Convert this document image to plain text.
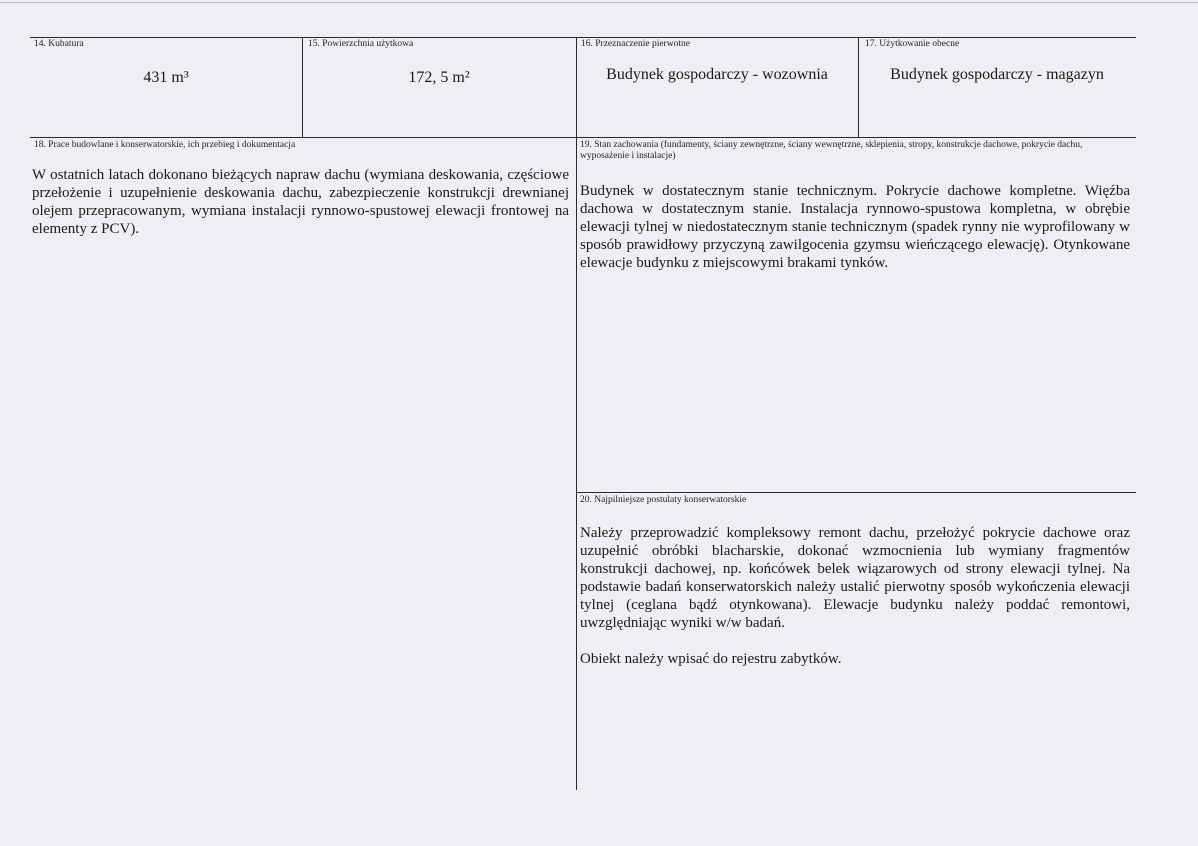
14. Kubatura
431 m³
15. Powierzchnia użytkowa
172, 5 m²
16. Przeznaczenie pierwotne
Budynek gospodarczy - wozownia
17. Użytkowanie obecne
Budynek gospodarczy - magazyn
18. Prace budowlane i konserwatorskie, ich przebieg i dokumentacja
W ostatnich latach dokonano bieżących napraw dachu (wymiana deskowania, częściowe przełożenie i uzupełnienie deskowania dachu, zabezpieczenie konstrukcji drewnianej olejem przepracowanym, wymiana instalacji rynnowo-spustowej elewacji frontowej na elementy z PCV).
19. Stan zachowania (fundamenty, ściany zewnętrzne, ściany wewnętrzne, sklepienia, stropy, konstrukcje dachowe, pokrycie dachu, wyposażenie i instalacje)
Budynek w dostatecznym stanie technicznym. Pokrycie dachowe kompletne. Więźba dachowa w dostatecznym stanie. Instalacja rynnowo-spustowa kompletna, w obrębie elewacji tylnej w niedostatecznym stanie technicznym (spadek rynny nie wyprofilowany w sposób prawidłowy przyczyną zawilgocenia gzymsu wieńczącego elewację). Otynkowane elewacje budynku z miejscowymi brakami tynków.
20. Najpilniejsze postulaty konserwatorskie

Należy przeprowadzić kompleksowy remont dachu, przełożyć pokrycie dachowe oraz uzupełnić obróbki blacharskie, dokonać wzmocnienia lub wymiany fragmentów konstrukcji dachowej, np. końcówek belek wiązarowych od strony elewacji tylnej. Na podstawie badań konserwatorskich należy ustalić pierwotny sposób wykończenia elewacji tylnej (ceglana bądź otynkowana). Elewacje budynku należy poddać remontowi, uwzględniając wyniki w/w badań.

Obiekt należy wpisać do rejestru zabytków.
